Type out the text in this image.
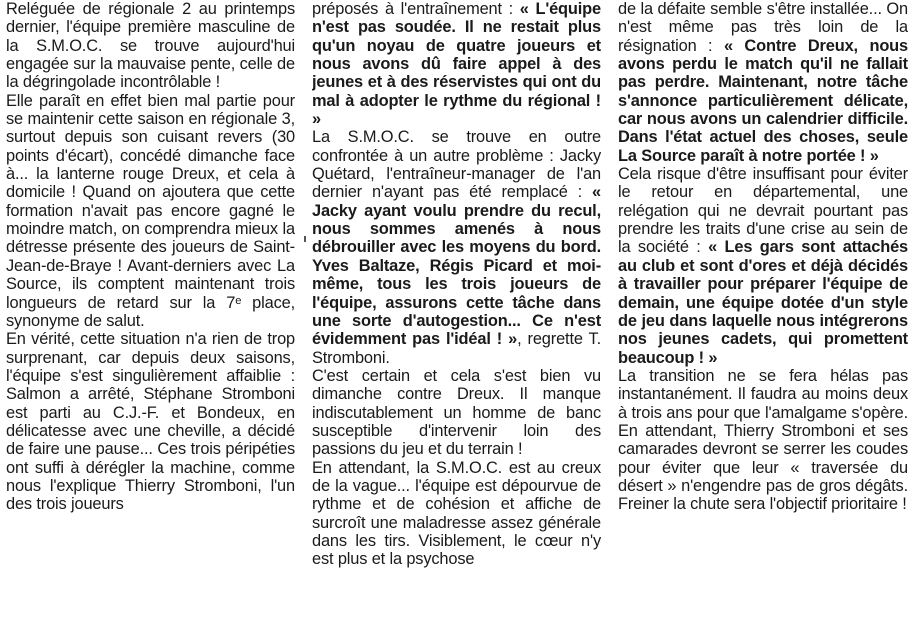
Reléguée de régionale 2 au printemps dernier, l'équipe première masculine de la S.M.O.C. se trouve aujourd'hui engagée sur la mauvaise pente, celle de la dégringolade incontrôlable !

Elle paraît en effet bien mal partie pour se maintenir cette saison en régionale 3, surtout depuis son cuisant revers (30 points d'écart), concédé dimanche face à... la lanterne rouge Dreux, et cela à domicile ! Quand on ajoutera que cette formation n'avait pas encore gagné le moindre match, on comprendra mieux la détresse présente des joueurs de Saint-Jean-de-Braye ! Avant-derniers avec La Source, ils comptent maintenant trois longueurs de retard sur la 7ᵉ place, synonyme de salut.

En vérité, cette situation n'a rien de trop surprenant, car depuis deux saisons, l'équipe s'est singulièrement affaiblie : Salmon a arrêté, Stéphane Stromboni est parti au C.J.-F. et Bondeux, en délicatesse avec une cheville, a décidé de faire une pause... Ces trois péripéties ont suffi à dérégler la machine, comme nous l'explique Thierry Stromboni, l'un des trois joueurs

préposés à l'entraînement : « L'équipe n'est pas soudée. Il ne restait plus qu'un noyau de quatre joueurs et nous avons dû faire appel à des jeunes et à des réservistes qui ont du mal à adopter le rythme du régional ! »

La S.M.O.C. se trouve en outre confrontée à un autre problème : Jacky Quétard, l'entraîneur-manager de l'an dernier n'ayant pas été remplacé : « Jacky ayant voulu prendre du recul, nous sommes amenés à nous débrouiller avec les moyens du bord. Yves Baltaze, Régis Picard et moi-même, tous les trois joueurs de l'équipe, assurons cette tâche dans une sorte d'autogestion... Ce n'est évidemment pas l'idéal ! », regrette T. Stromboni.

C'est certain et cela s'est bien vu dimanche contre Dreux. Il manque indiscutablement un homme de banc susceptible d'intervenir loin des passions du jeu et du terrain !

En attendant, la S.M.O.C. est au creux de la vague... l'équipe est dépourvue de rythme et de cohésion et affiche de surcroît une maladresse assez générale dans les tirs. Visiblement, le cœur n'y est plus et la psychose

de la défaite semble s'être installée... On n'est même pas très loin de la résignation : « Contre Dreux, nous avons perdu le match qu'il ne fallait pas perdre. Maintenant, notre tâche s'annonce particulièrement délicate, car nous avons un calendrier difficile. Dans l'état actuel des choses, seule La Source paraît à notre portée ! »

Cela risque d'être insuffisant pour éviter le retour en départemental, une relégation qui ne devrait pourtant pas prendre les traits d'une crise au sein de la société : « Les gars sont attachés au club et sont d'ores et déjà décidés à travailler pour préparer l'équipe de demain, une équipe dotée d'un style de jeu dans laquelle nous intégrerons nos jeunes cadets, qui promettent beaucoup ! »

La transition ne se fera hélas pas instantanément. Il faudra au moins deux à trois ans pour que l'amalgame s'opère. En attendant, Thierry Stromboni et ses camarades devront se serrer les coudes pour éviter que leur « traversée du désert » n'engendre pas de gros dégâts. Freiner la chute sera l'objectif prioritaire !
